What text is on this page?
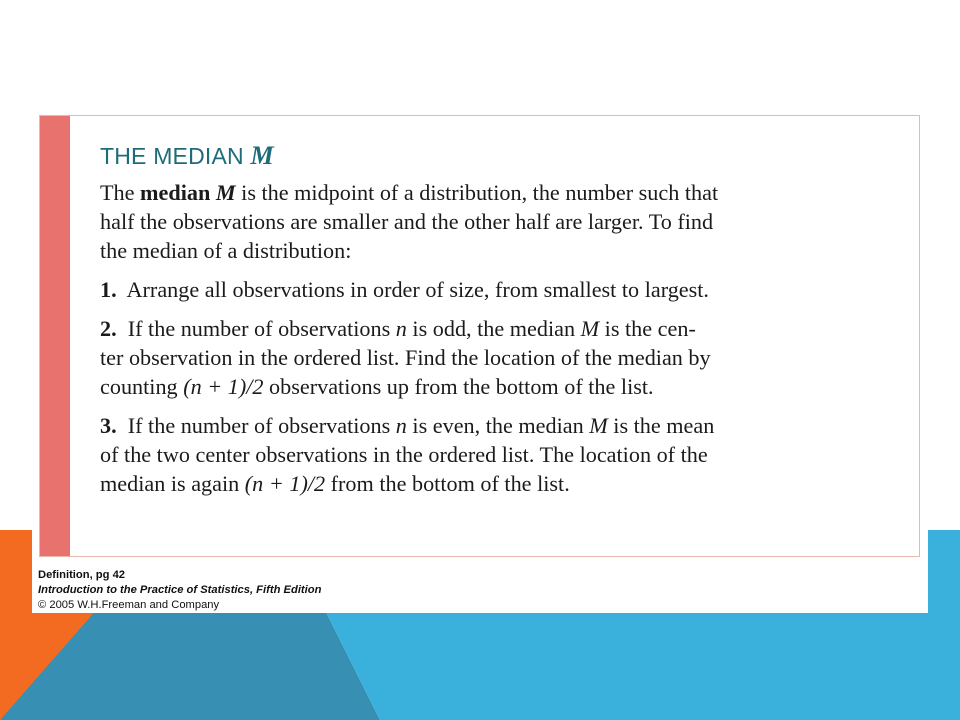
THE MEDIAN M

The median M is the midpoint of a distribution, the number such that
half the observations are smaller and the other half are larger. To find
the median of a distribution:

1. Arrange all observations in order of size, from smallest to largest.

2. If the number of observations n is odd, the median M is the cen-
ter observation in the ordered list. Find the location of the median by
counting (n + 1)/2 observations up from the bottom of the list.

3. If the number of observations n is even, the median M is the mean
of the two center observations in the ordered list. The location of the
median is again (n + 1)/2 from the bottom of the list.

Definition, pg 42
Introduction to the Practice of Statistics, Fifth Edition
© 2005 W.H.Freeman and Company
